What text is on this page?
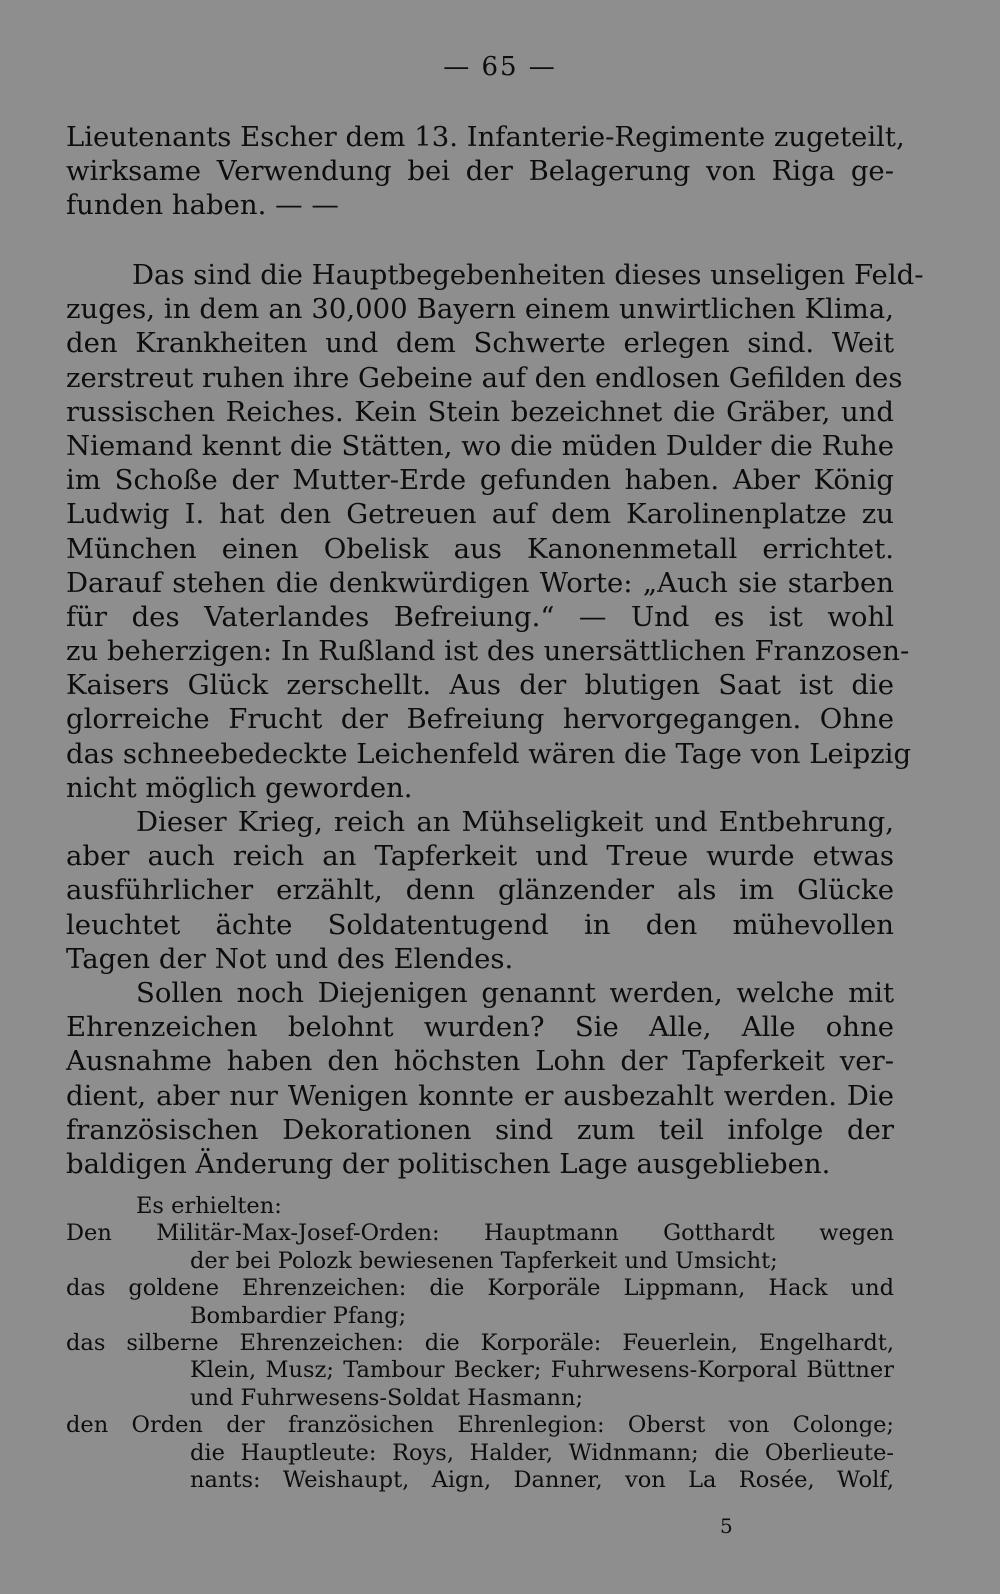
— 65 —
Lieutenants Escher dem 13. Infanterie-Regimente zugeteilt,
wirksame Verwendung bei der Belagerung von Riga ge-
funden haben. — —
Das sind die Hauptbegebenheiten dieses unseligen Feld-
zuges, in dem an 30,000 Bayern einem unwirtlichen Klima,
den Krankheiten und dem Schwerte erlegen sind. Weit
zerstreut ruhen ihre Gebeine auf den endlosen Gefilden des
russischen Reiches. Kein Stein bezeichnet die Gräber, und
Niemand kennt die Stätten, wo die müden Dulder die Ruhe
im Schoße der Mutter-Erde gefunden haben. Aber König
Ludwig I. hat den Getreuen auf dem Karolinenplatze zu
München einen Obelisk aus Kanonenmetall errichtet.
Darauf stehen die denkwürdigen Worte: „Auch sie starben
für des Vaterlandes Befreiung.“ — Und es ist wohl
zu beherzigen: In Rußland ist des unersättlichen Franzosen-
Kaisers Glück zerschellt. Aus der blutigen Saat ist die
glorreiche Frucht der Befreiung hervorgegangen. Ohne
das schneebedeckte Leichenfeld wären die Tage von Leipzig
nicht möglich geworden.
Dieser Krieg, reich an Mühseligkeit und Entbehrung,
aber auch reich an Tapferkeit und Treue wurde etwas
ausführlicher erzählt, denn glänzender als im Glücke
leuchtet ächte Soldatentugend in den mühevollen
Tagen der Not und des Elendes.
Sollen noch Diejenigen genannt werden, welche mit
Ehrenzeichen belohnt wurden? Sie Alle, Alle ohne
Ausnahme haben den höchsten Lohn der Tapferkeit ver-
dient, aber nur Wenigen konnte er ausbezahlt werden. Die
französischen Dekorationen sind zum teil infolge der
baldigen Änderung der politischen Lage ausgeblieben.
Es erhielten:
Den Militär-Max-Josef-Orden: Hauptmann Gotthardt wegen
der bei Polozk bewiesenen Tapferkeit und Umsicht;
das goldene Ehrenzeichen: die Korporäle Lippmann, Hack und
Bombardier Pfang;
das silberne Ehrenzeichen: die Korporäle: Feuerlein, Engelhardt,
Klein, Musz; Tambour Becker; Fuhrwesens-Korporal Büttner
und Fuhrwesens-Soldat Hasmann;
den Orden der französichen Ehrenlegion: Oberst von Colonge;
die Hauptleute: Roys, Halder, Widnmann; die Oberlieute-
nants: Weishaupt, Aign, Danner, von La Rosée, Wolf,
5
